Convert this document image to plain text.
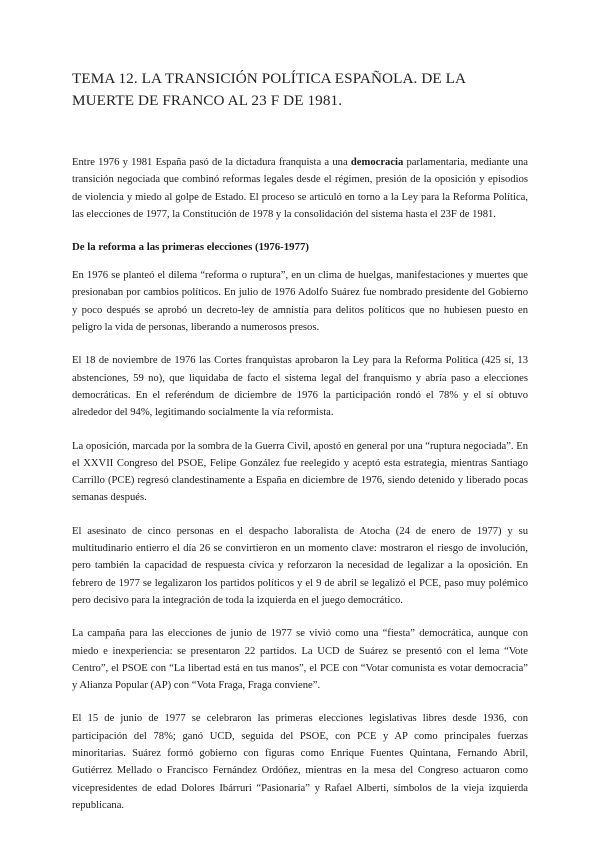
TEMA 12. LA TRANSICIÓN POLÍTICA ESPAÑOLA. DE LA MUERTE DE FRANCO AL 23 F DE 1981.

Entre 1976 y 1981 España pasó de la dictadura franquista a una democracia parlamentaria, mediante una transición negociada que combinó reformas legales desde el régimen, presión de la oposición y episodios de violencia y miedo al golpe de Estado. El proceso se articuló en torno a la Ley para la Reforma Política, las elecciones de 1977, la Constitución de 1978 y la consolidación del sistema hasta el 23F de 1981.

De la reforma a las primeras elecciones (1976-1977)

En 1976 se planteó el dilema “reforma o ruptura”, en un clima de huelgas, manifestaciones y muertes que presionaban por cambios políticos. En julio de 1976 Adolfo Suárez fue nombrado presidente del Gobierno y poco después se aprobó un decreto-ley de amnistía para delitos políticos que no hubiesen puesto en peligro la vida de personas, liberando a numerosos presos.

El 18 de noviembre de 1976 las Cortes franquistas aprobaron la Ley para la Reforma Política (425 sí, 13 abstenciones, 59 no), que liquidaba de facto el sistema legal del franquismo y abría paso a elecciones democráticas. En el referéndum de diciembre de 1976 la participación rondó el 78% y el sí obtuvo alrededor del 94%, legitimando socialmente la vía reformista.

La oposición, marcada por la sombra de la Guerra Civil, apostó en general por una “ruptura negociada”. En el XXVII Congreso del PSOE, Felipe González fue reelegido y aceptó esta estrategia, mientras Santiago Carrillo (PCE) regresó clandestinamente a España en diciembre de 1976, siendo detenido y liberado pocas semanas después.

El asesinato de cinco personas en el despacho laboralista de Atocha (24 de enero de 1977) y su multitudinario entierro el día 26 se convirtieron en un momento clave: mostraron el riesgo de involución, pero también la capacidad de respuesta cívica y reforzaron la necesidad de legalizar a la oposición. En febrero de 1977 se legalizaron los partidos políticos y el 9 de abril se legalizó el PCE, paso muy polémico pero decisivo para la integración de toda la izquierda en el juego democrático.

La campaña para las elecciones de junio de 1977 se vivió como una “fiesta” democrática, aunque con miedo e inexperiencia: se presentaron 22 partidos. La UCD de Suárez se presentó con el lema “Vote Centro”, el PSOE con “La libertad está en tus manos”, el PCE con “Votar comunista es votar democracia” y Alianza Popular (AP) con “Vota Fraga, Fraga conviene”.

El 15 de junio de 1977 se celebraron las primeras elecciones legislativas libres desde 1936, con participación del 78%; ganó UCD, seguida del PSOE, con PCE y AP como principales fuerzas minoritarias. Suárez formó gobierno con figuras como Enrique Fuentes Quintana, Fernando Abril, Gutiérrez Mellado o Francisco Fernández Ordóñez, mientras en la mesa del Congreso actuaron como vicepresidentes de edad Dolores Ibárruri “Pasionaria” y Rafael Alberti, símbolos de la vieja izquierda republicana.
